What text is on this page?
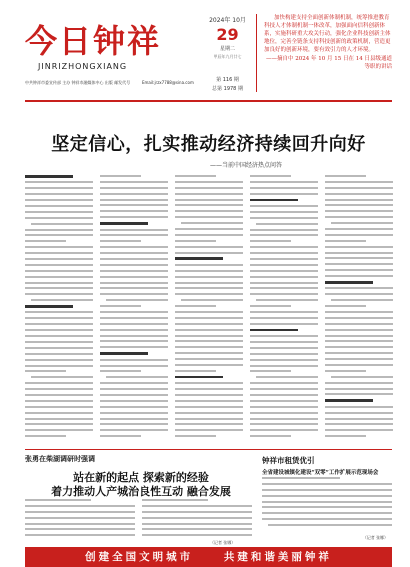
今日钟祥
JINRIZHONGXIANG
中共钟祥市委宣传部 主办 钟祥市融媒体中心 出版 邮发代号	Email:jrzx7788@sina.com
2024年 10月
29
星期二
甲辰年九月廿七
第 116 期
总第 1978 期
加快构建支持全面创新体制机制，统筹推进教育科技人才体制机制一体改革，加强面向信科创新体系，实施科研重大攻关行动，强化企业科技创新主体地位，完善全链条支持科技创新的政策机制，营造更加良好的创新环境，要有效引力的人才环境。
——摘自中 2024 年 10 月 15 日在 14 日县级通道等职的讲话
坚定信心，扎实推动经济持续回升向好
——当前中国经济热点问答
张勇在柴湖调研时强调
站在新的起点 探索新的经验
着力推动人产城治良性互动 融合发展
（记者 张娜）
钟祥市租赁优引
全省建设城镇化建设“双零”工作扩展示范现场会
（记者 张娜）
创建全国文明城市	共建和谐美丽钟祥
